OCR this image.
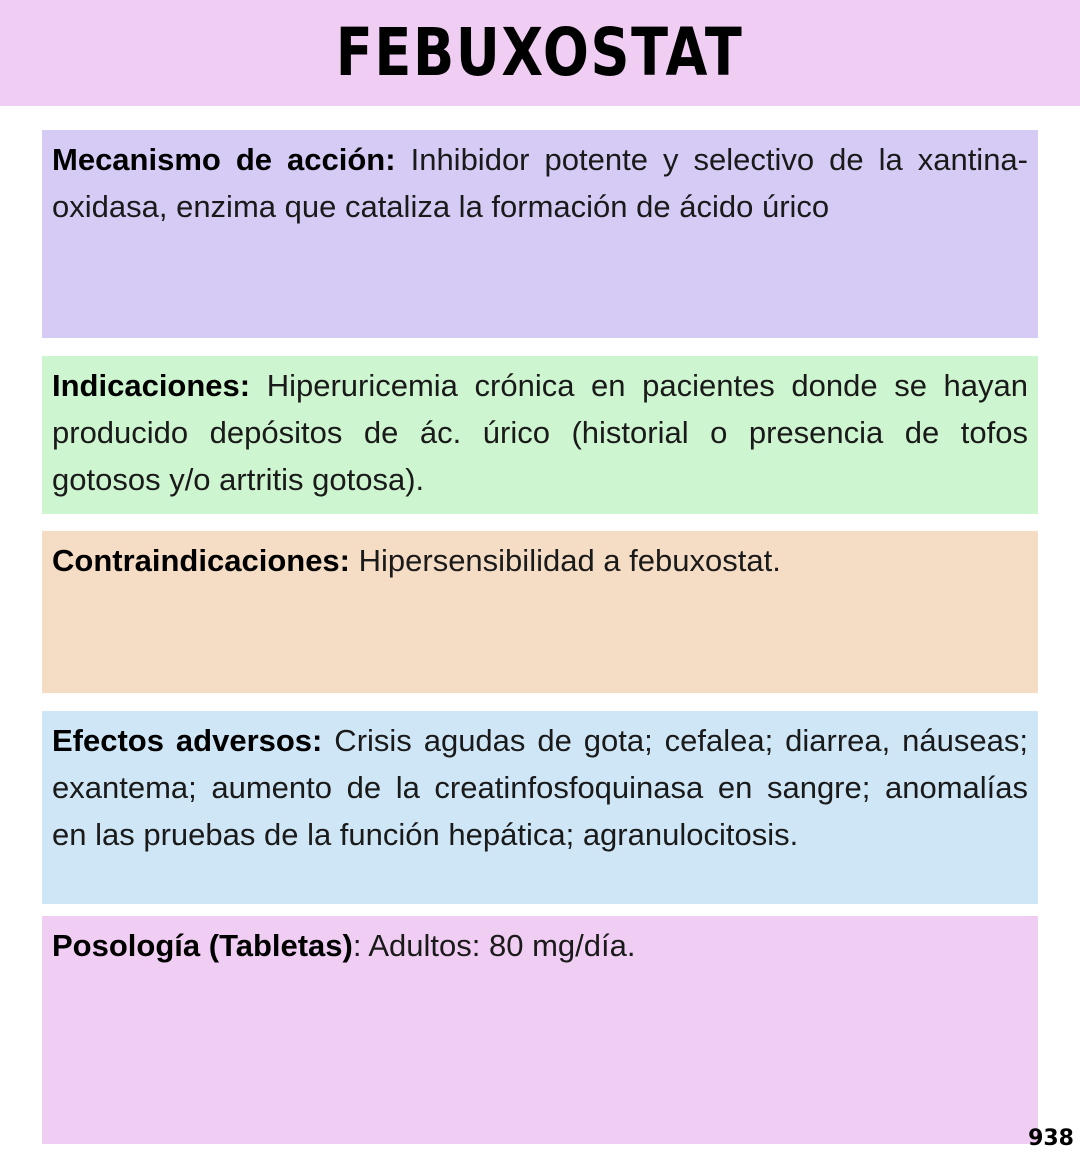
FEBUXOSTAT
Mecanismo de acción: Inhibidor potente y selectivo de la xantina-oxidasa, enzima que cataliza la formación de ácido úrico
Indicaciones: Hiperuricemia crónica en pacientes donde se hayan producido depósitos de ác. úrico (historial o presencia de tofos gotosos y/o artritis gotosa).
Contraindicaciones: Hipersensibilidad a febuxostat.
Efectos adversos: Crisis agudas de gota; cefalea; diarrea, náuseas; exantema; aumento de la creatinfosfoquinasa en sangre; anomalías en las pruebas de la función hepática; agranulocitosis.
Posología (Tabletas): Adultos: 80 mg/día.
938
